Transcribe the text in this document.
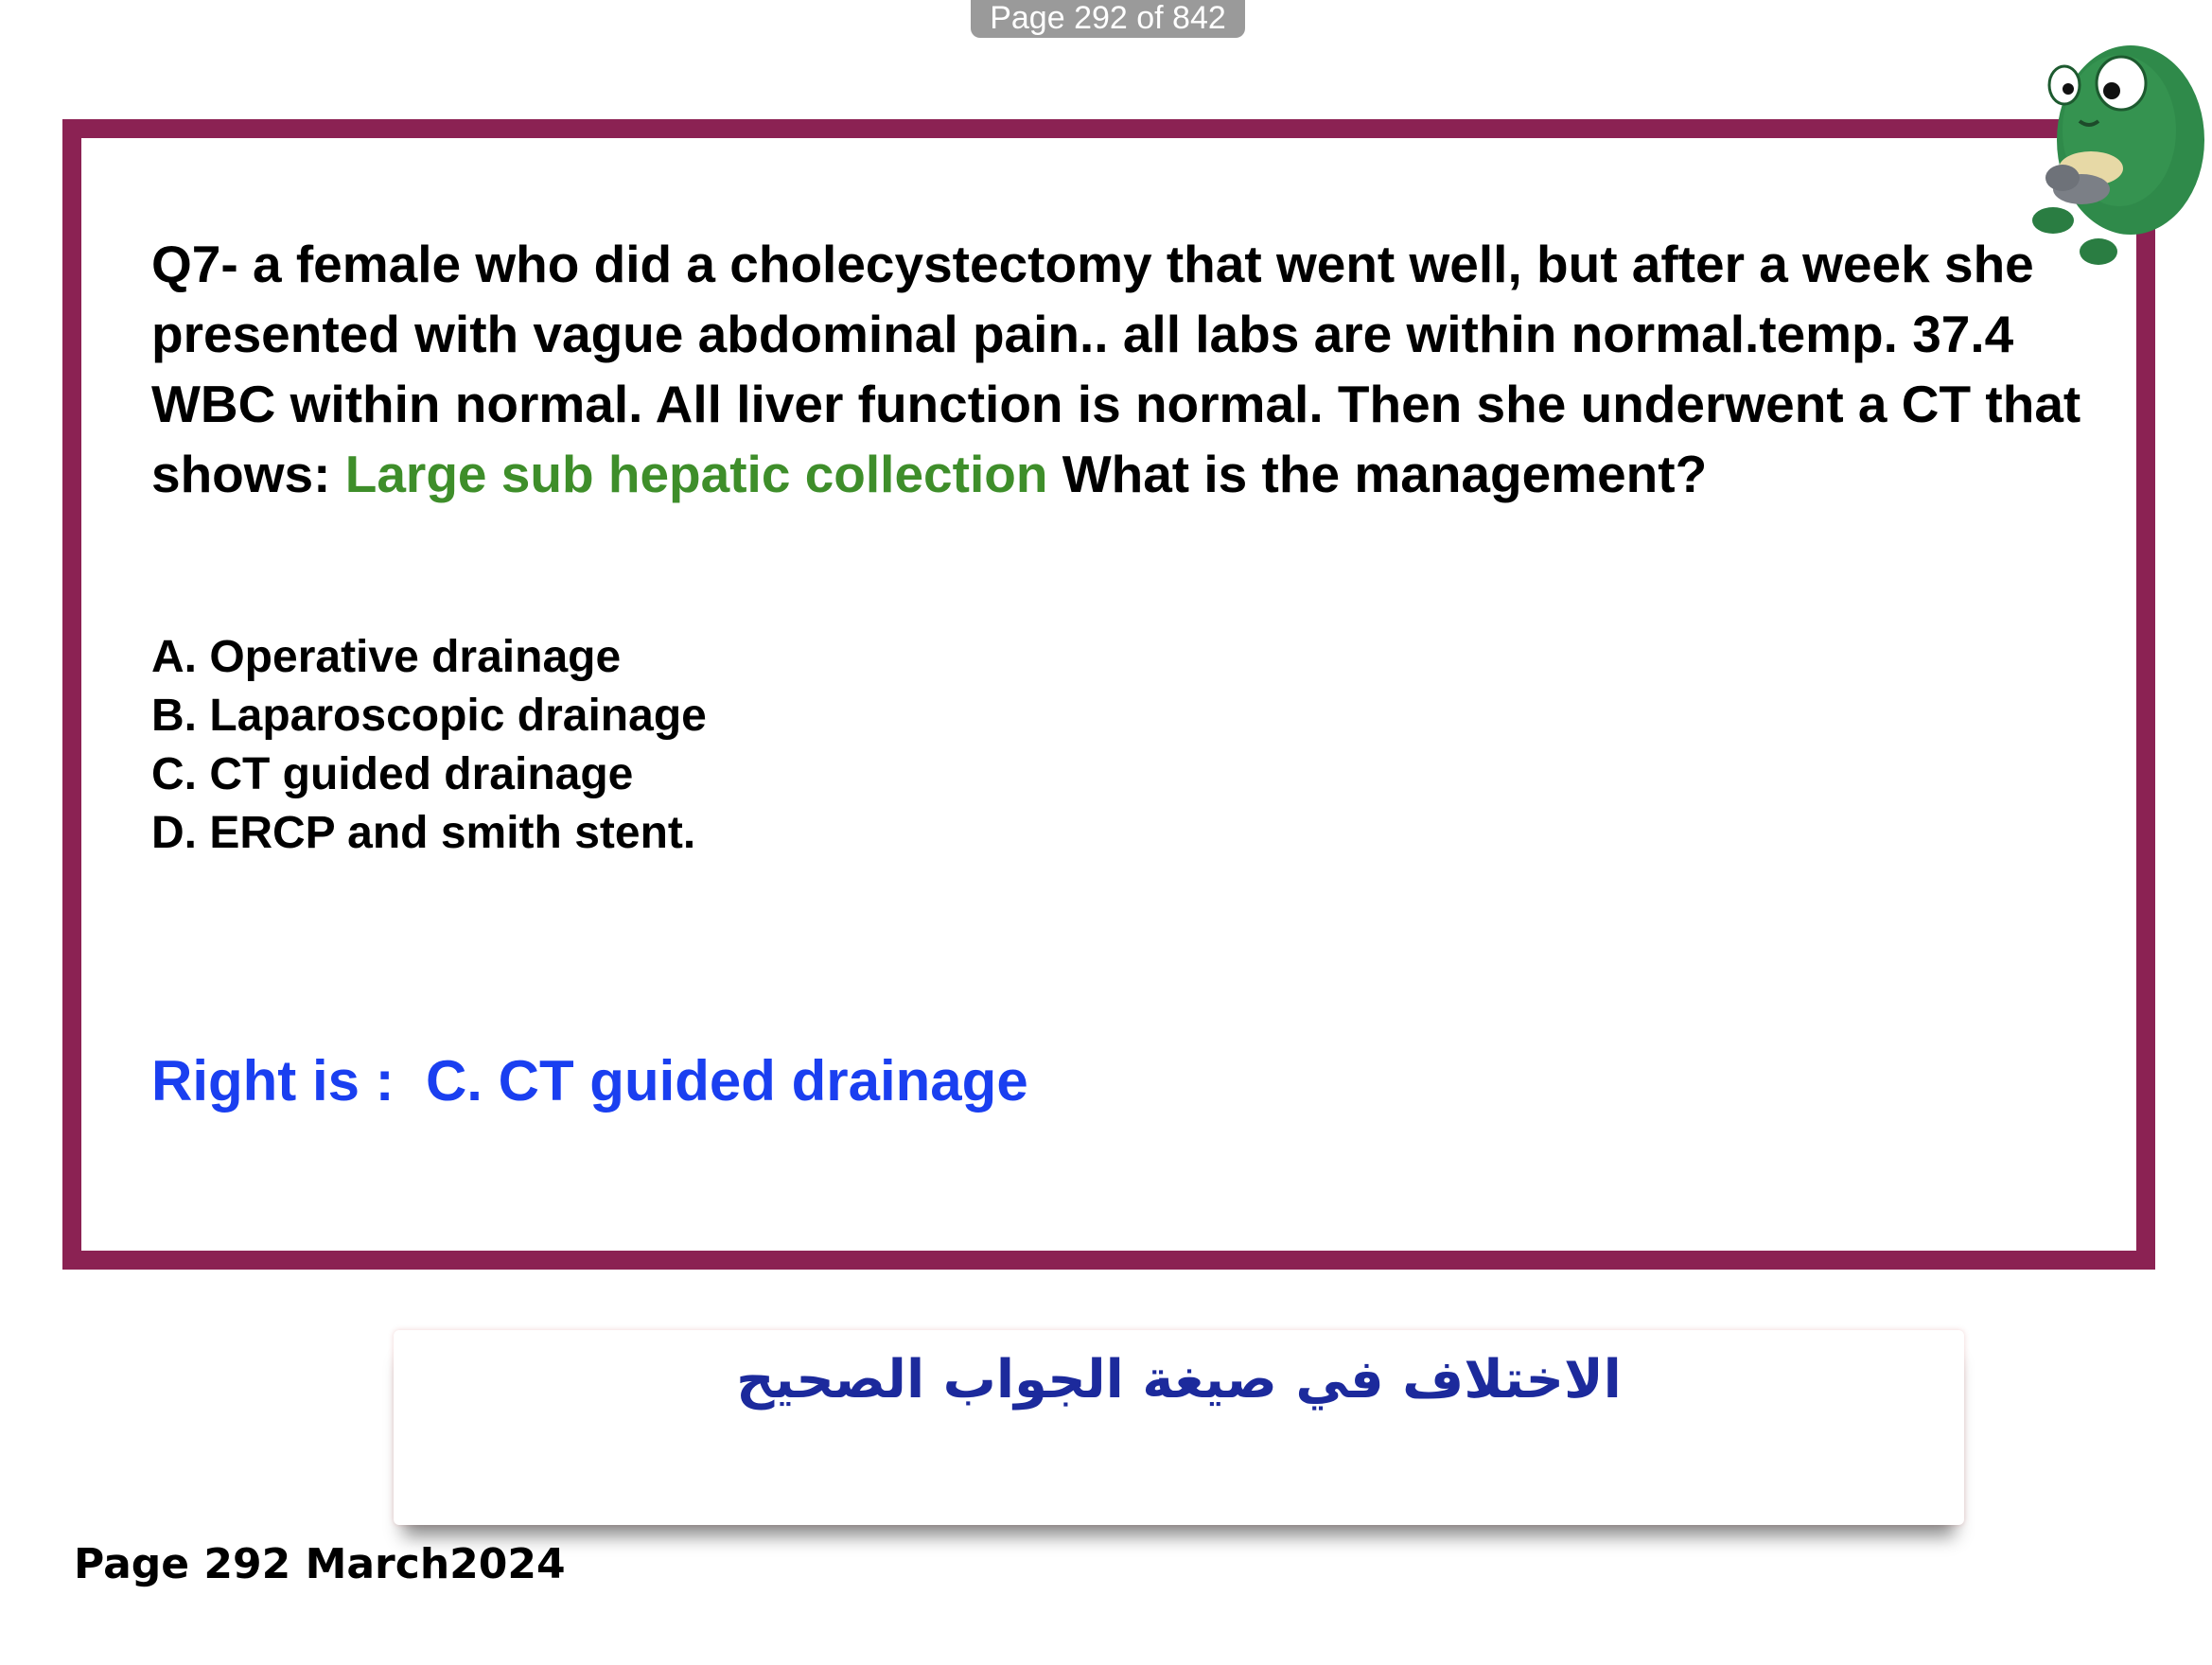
Page 292 of 842

Q7- a female who did a cholecystectomy that went well, but after a week she presented with vague abdominal pain.. all labs are within normal.temp. 37.4 WBC within normal. All liver function is normal. Then she underwent a CT that shows: Large sub hepatic collection What is the management?

A. Operative drainage
B. Laparoscopic drainage
C. CT guided drainage
D. ERCP and smith stent.
Right is :  C. CT guided drainage
الاختلاف في صيغة الجواب الصحيح
Page 292 March2024
